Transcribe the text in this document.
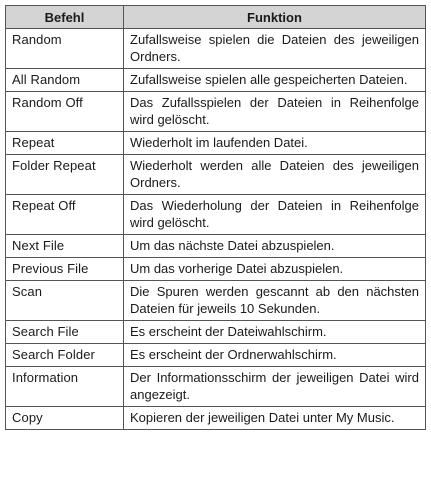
Befehl	Funktion
Random	Zufallsweise spielen die Dateien des jeweiligen Ordners.
All Random	Zufallsweise spielen alle gespeicherten Dateien.
Random Off	Das Zufallsspielen der Dateien in Reihenfolge wird gelöscht.
Repeat	Wiederholt im laufenden Datei.
Folder Repeat	Wiederholt werden alle Dateien des jeweiligen Ordners.
Repeat Off	Das Wiederholung der Dateien in Reihenfolge wird gelöscht.
Next File	Um das nächste Datei abzuspielen.
Previous File	Um das vorherige Datei abzuspielen.
Scan	Die Spuren werden gescannt ab den nächsten Dateien für jeweils 10 Sekunden.
Search File	Es erscheint der Dateiwahlschirm.
Search Folder	Es erscheint der Ordnerwahlschirm.
Information	Der Informationsschirm der jeweiligen Datei wird angezeigt.
Copy	Kopieren der jeweiligen Datei unter My Music.
